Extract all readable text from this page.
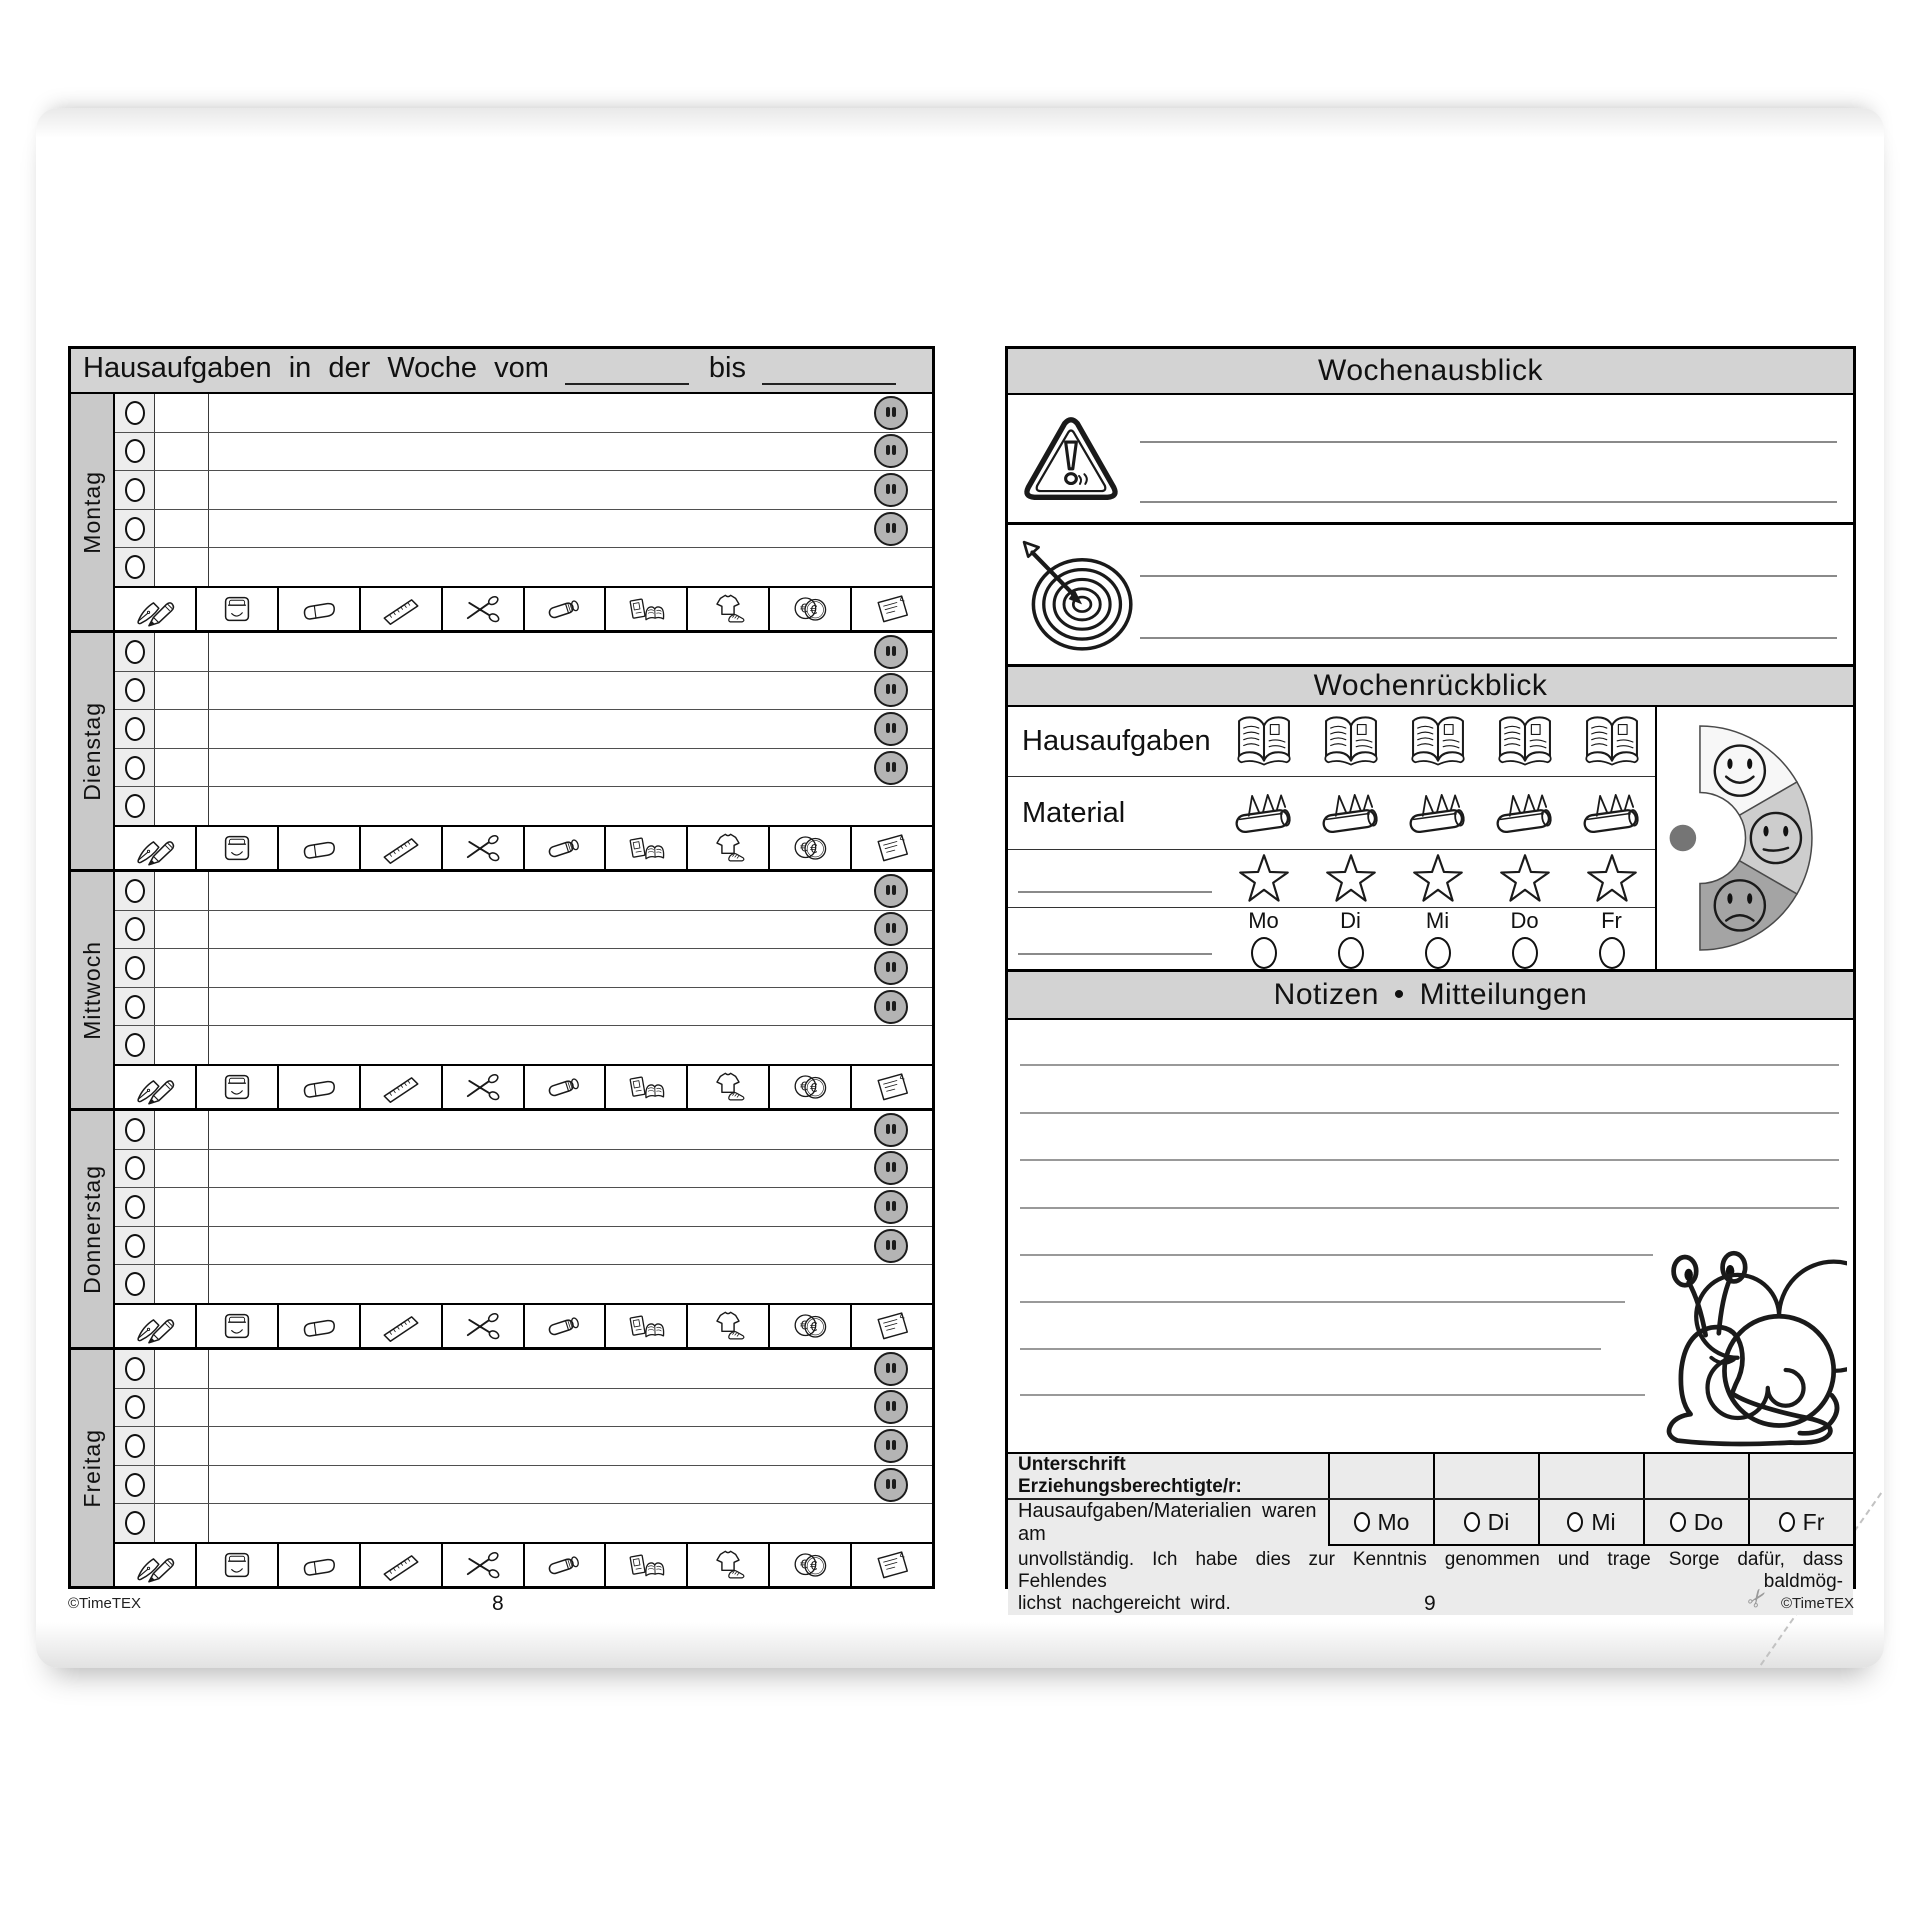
Hausaufgaben in der Woche vom	bis
Montag
Dienstag
Mittwoch
Donnerstag
Freitag
©TimeTEX	8
Wochenausblick
Wochenrückblick
Hausaufgaben
Material
Mo	Di	Mi	Do	Fr
Notizen • Mitteilungen
Unterschrift Erziehungsberechtigte/r:
Hausaufgaben/Materialien waren am	Mo	Di	Mi	Do	Fr
unvollständig. Ich habe dies zur Kenntnis genommen und trage Sorge dafür, dass Fehlendes baldmög-
lichst nachgereicht wird.	9	✂ ©TimeTEX
